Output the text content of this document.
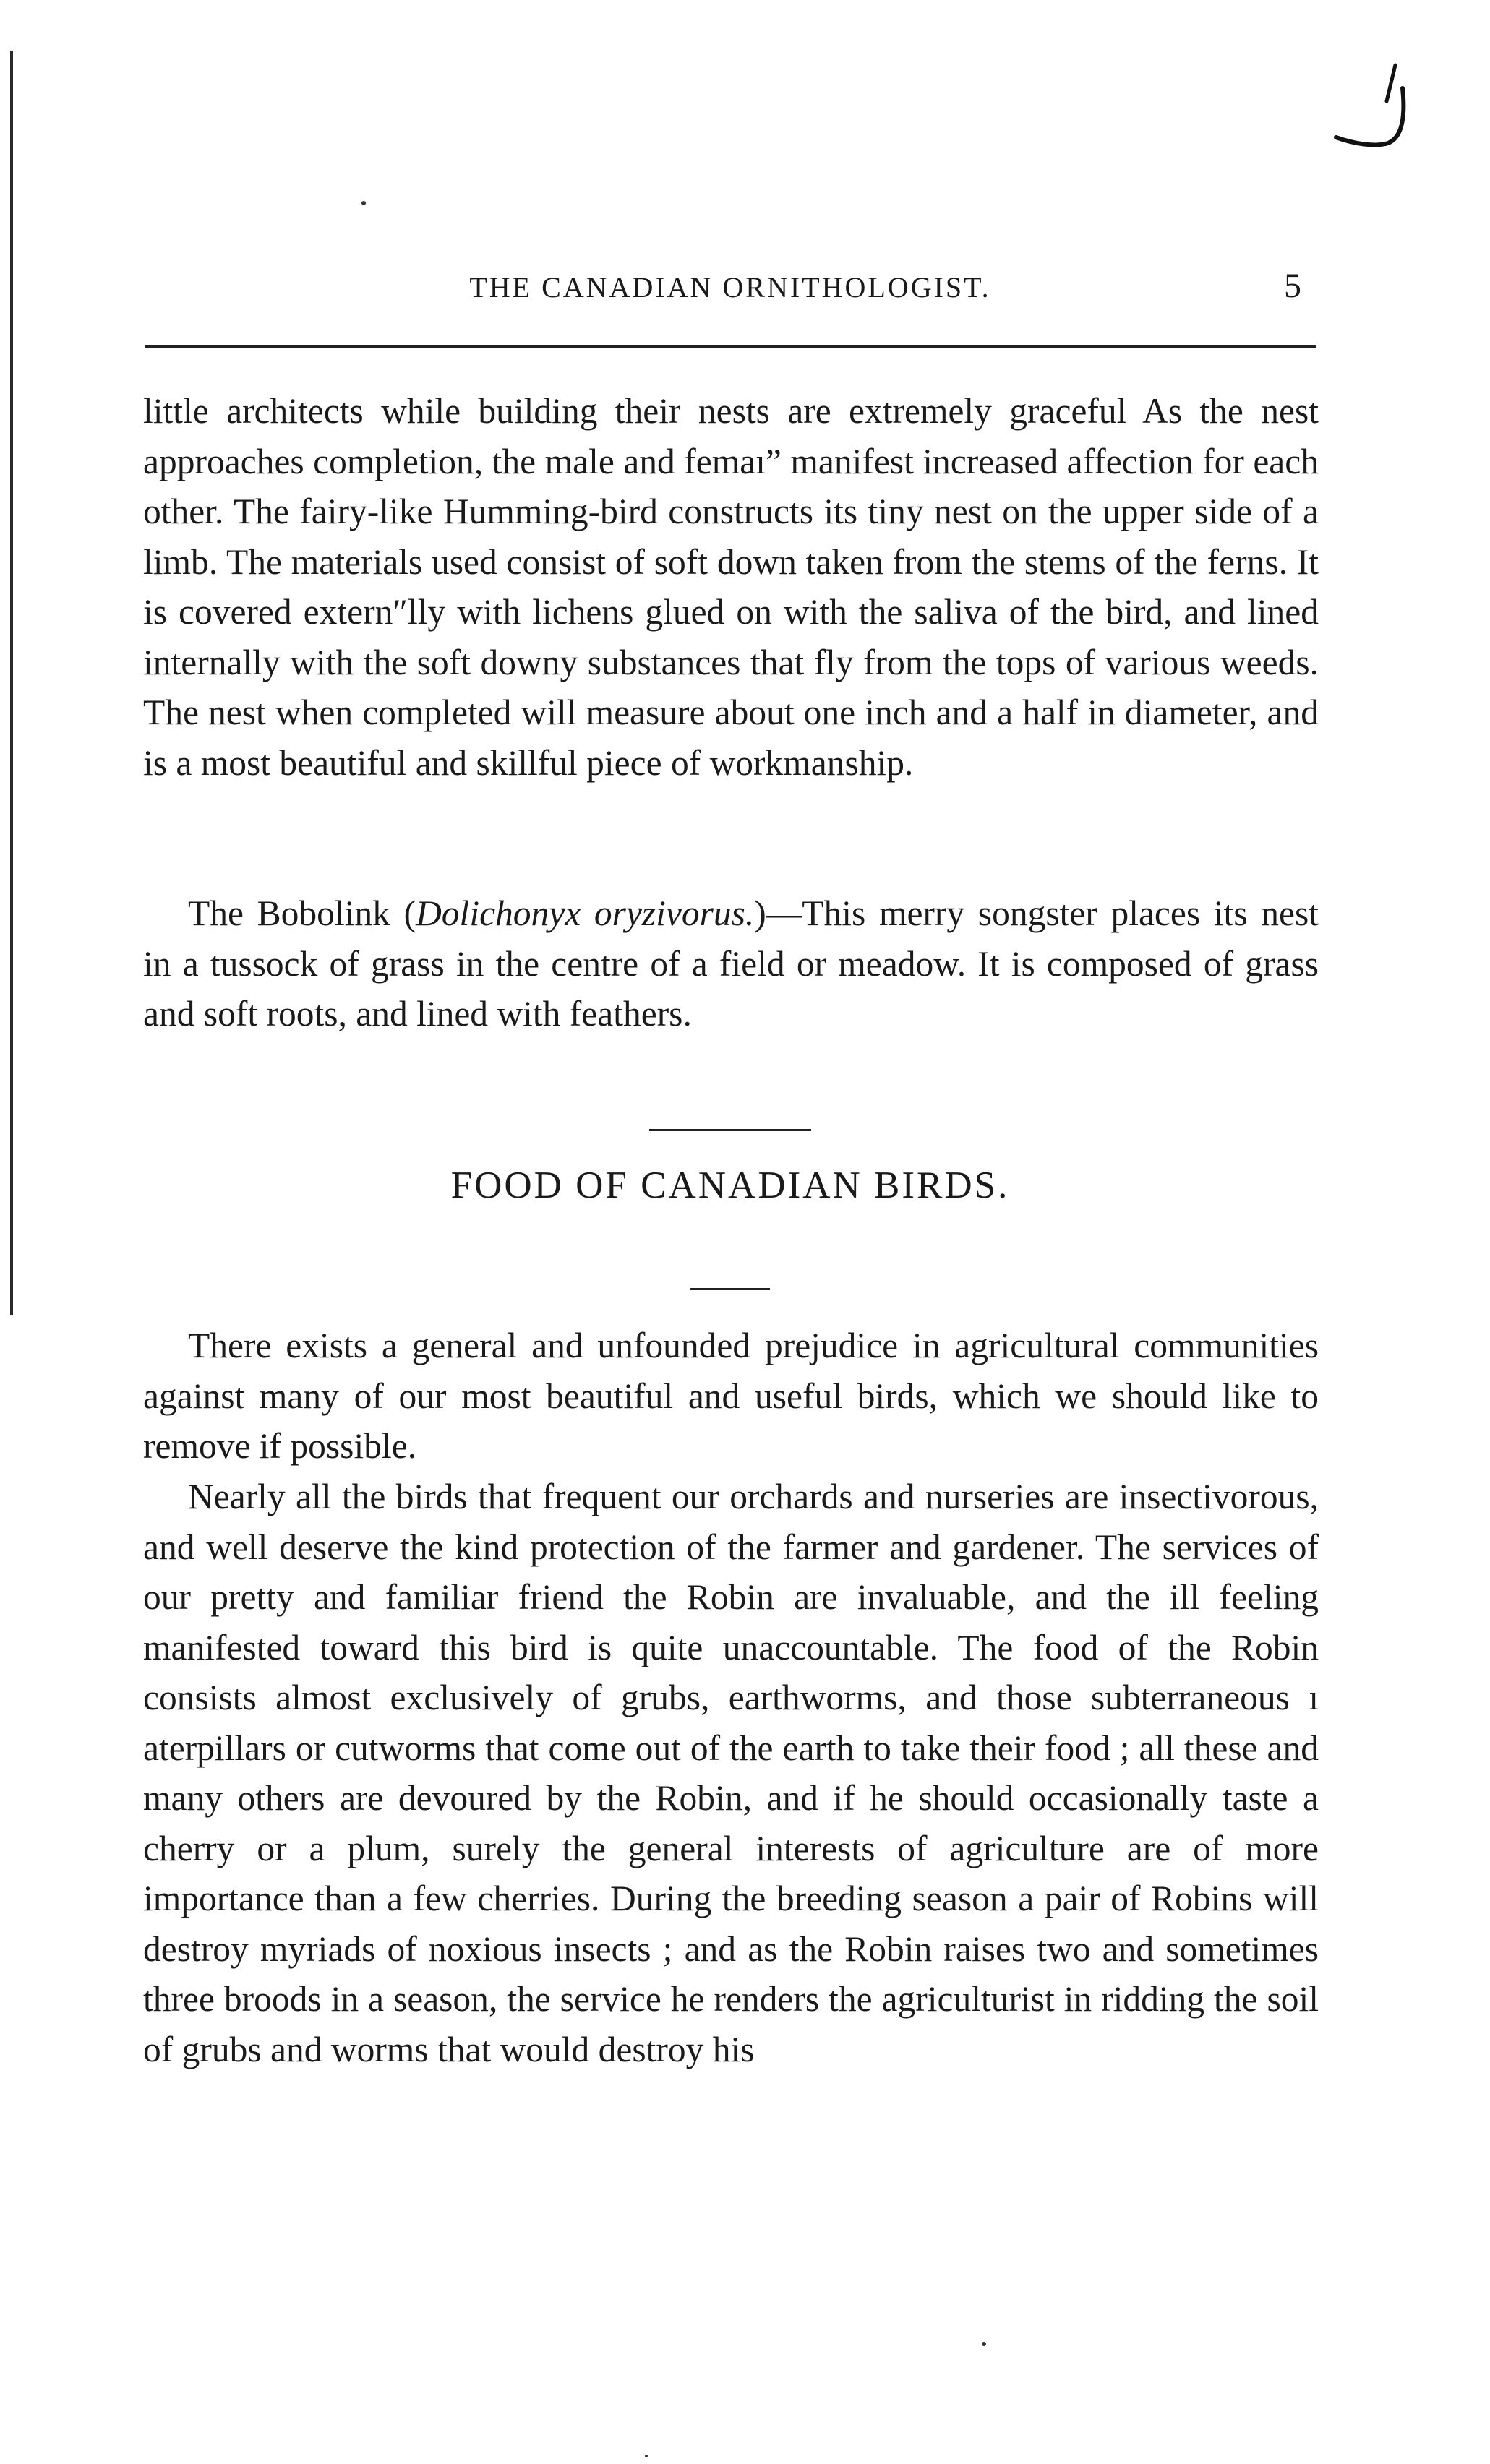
THE CANADIAN ORNITHOLOGIST.	5

little architects while building their nests are extremely graceful As the nest approaches completion, the male and femaı” manifest increased affection for each other. The fairy-like Humming-bird constructs its tiny nest on the upper side of a limb. The materials used consist of soft down taken from the stems of the ferns. It is covered extern″lly with lichens glued on with the saliva of the bird, and lined internally with the soft downy substances that fly from the tops of various weeds. The nest when completed will measure about one inch and a half in diameter, and is a most beautiful and skillful piece of workmanship.

The Bobolink (Dolichonyx oryzivorus.)—This merry songster places its nest in a tussock of grass in the centre of a field or meadow. It is composed of grass and soft roots, and lined with feathers.

FOOD OF CANADIAN BIRDS.

There exists a general and unfounded prejudice in agricultural communities against many of our most beautiful and useful birds, which we should like to remove if possible.

Nearly all the birds that frequent our orchards and nurseries are insectivorous, and well deserve the kind protection of the farmer and gardener. The services of our pretty and familiar friend the Robin are invaluable, and the ill feeling manifested toward this bird is quite unaccountable. The food of the Robin consists almost exclusively of grubs, earthworms, and those subterraneous ı aterpillars or cutworms that come out of the earth to take their food ; all these and many others are devoured by the Robin, and if he should occasionally taste a cherry or a plum, surely the general interests of agriculture are of more importance than a few cherries. During the breeding season a pair of Robins will destroy myriads of noxious insects ; and as the Robin raises two and sometimes three broods in a season, the service he renders the agriculturist in ridding the soil of grubs and worms that would destroy his
